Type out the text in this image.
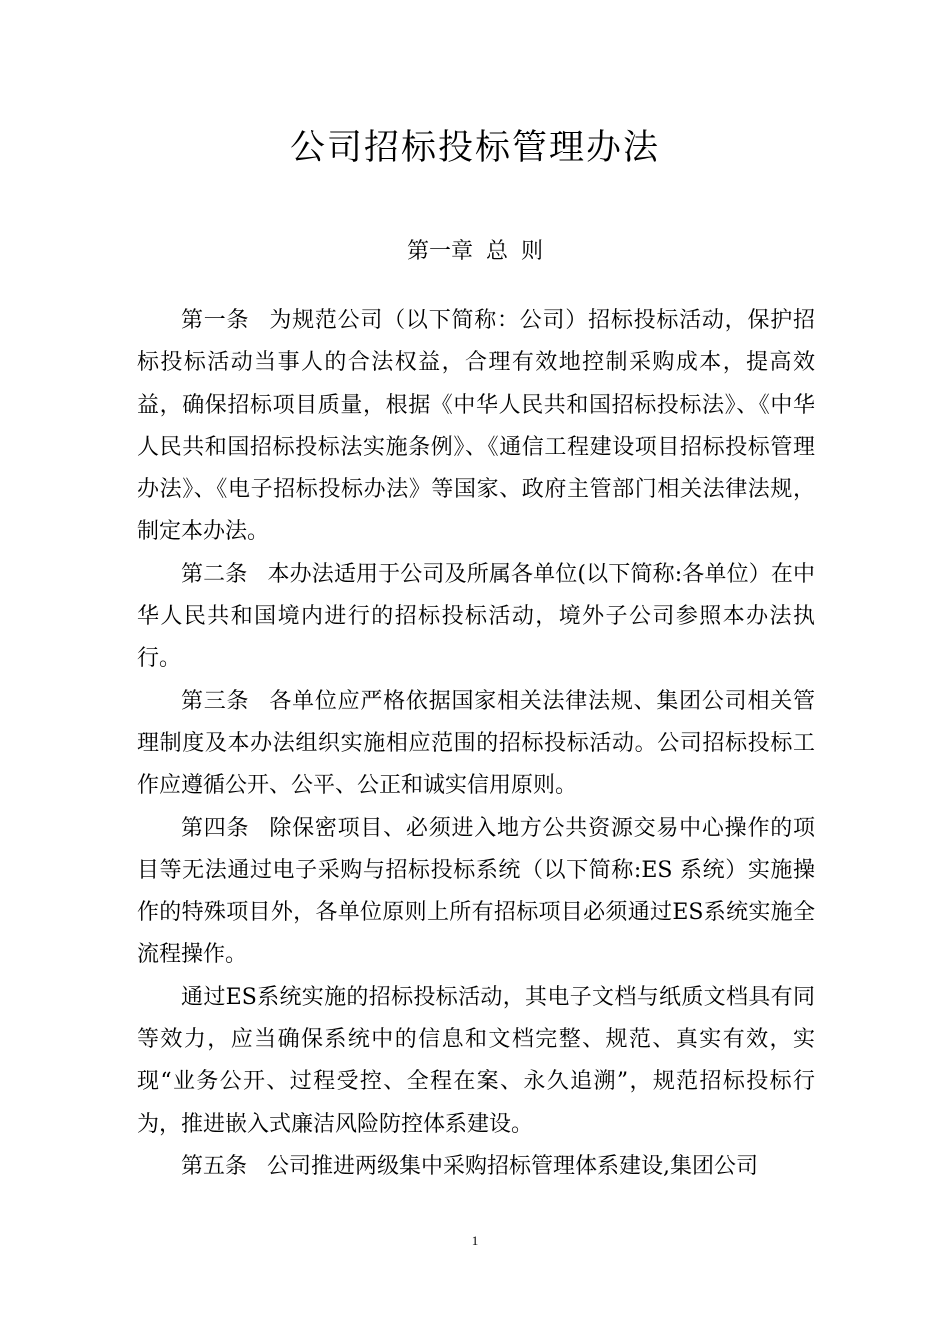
公司招标投标管理办法
第一章 总 则

第一条 为规范公司（以下简称：公司）招标投标活动，保护招标投标活动当事人的合法权益，合理有效地控制采购成本，提高效益，确保招标项目质量，根据《中华人民共和国招标投标法》、《中华人民共和国招标投标法实施条例》、《通信工程建设项目招标投标管理办法》、《电子招标投标办法》等国家、政府主管部门相关法律法规，制定本办法。

第二条 本办法适用于公司及所属各单位(以下简称:各单位）在中华人民共和国境内进行的招标投标活动，境外子公司参照本办法执行。

第三条 各单位应严格依据国家相关法律法规、集团公司相关管理制度及本办法组织实施相应范围的招标投标活动。公司招标投标工作应遵循公开、公平、公正和诚实信用原则。

第四条 除保密项目、必须进入地方公共资源交易中心操作的项目等无法通过电子采购与招标投标系统（以下简称:ES 系统）实施操作的特殊项目外，各单位原则上所有招标项目必须通过ES系统实施全流程操作。

通过ES系统实施的招标投标活动，其电子文档与纸质文档具有同等效力，应当确保系统中的信息和文档完整、规范、真实有效，实现“业务公开、过程受控、全程在案、永久追溯”，规范招标投标行为，推进嵌入式廉洁风险防控体系建设。

第五条 公司推进两级集中采购招标管理体系建设,集团公司

1
